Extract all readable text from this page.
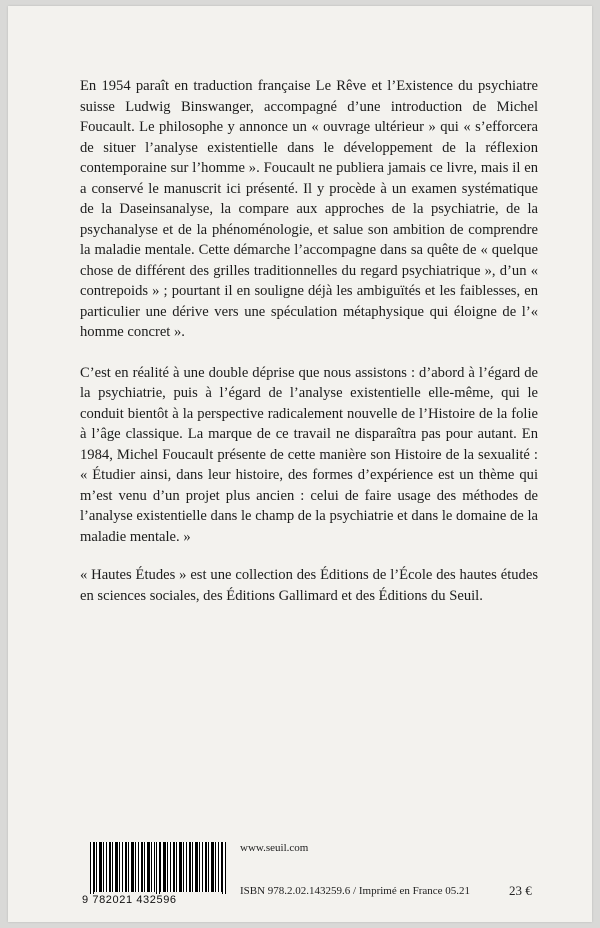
En 1954 paraît en traduction française Le Rêve et l’Existence du psychiatre suisse Ludwig Binswanger, accompagné d’une introduction de Michel Foucault. Le philosophe y annonce un « ouvrage ultérieur » qui « s’efforcera de situer l’analyse existentielle dans le développement de la réflexion contemporaine sur l’homme ». Foucault ne publiera jamais ce livre, mais il en a conservé le manuscrit ici présenté. Il y procède à un examen systématique de la Daseinsanalyse, la compare aux approches de la psychiatrie, de la psychanalyse et de la phénoménologie, et salue son ambition de comprendre la maladie mentale. Cette démarche l’accompagne dans sa quête de « quelque chose de différent des grilles traditionnelles du regard psychiatrique », d’un « contrepoids » ; pourtant il en souligne déjà les ambiguïtés et les faiblesses, en particulier une dérive vers une spéculation métaphysique qui éloigne de l’« homme concret ».

C’est en réalité à une double déprise que nous assistons : d’abord à l’égard de la psychiatrie, puis à l’égard de l’analyse existentielle elle-même, qui le conduit bientôt à la perspective radicalement nouvelle de l’Histoire de la folie à l’âge classique. La marque de ce travail ne disparaîtra pas pour autant. En 1984, Michel Foucault présente de cette manière son Histoire de la sexualité : « Étudier ainsi, dans leur histoire, des formes d’expérience est un thème qui m’est venu d’un projet plus ancien : celui de faire usage des méthodes de l’analyse existentielle dans le champ de la psychiatrie et dans le domaine de la maladie mentale. »

« Hautes Études » est une collection des Éditions de l’École des hautes études en sciences sociales, des Éditions Gallimard et des Éditions du Seuil.

9 782021 432596
www.seuil.com
ISBN 978.2.02.143259.6 / Imprimé en France 05.21	23 €
